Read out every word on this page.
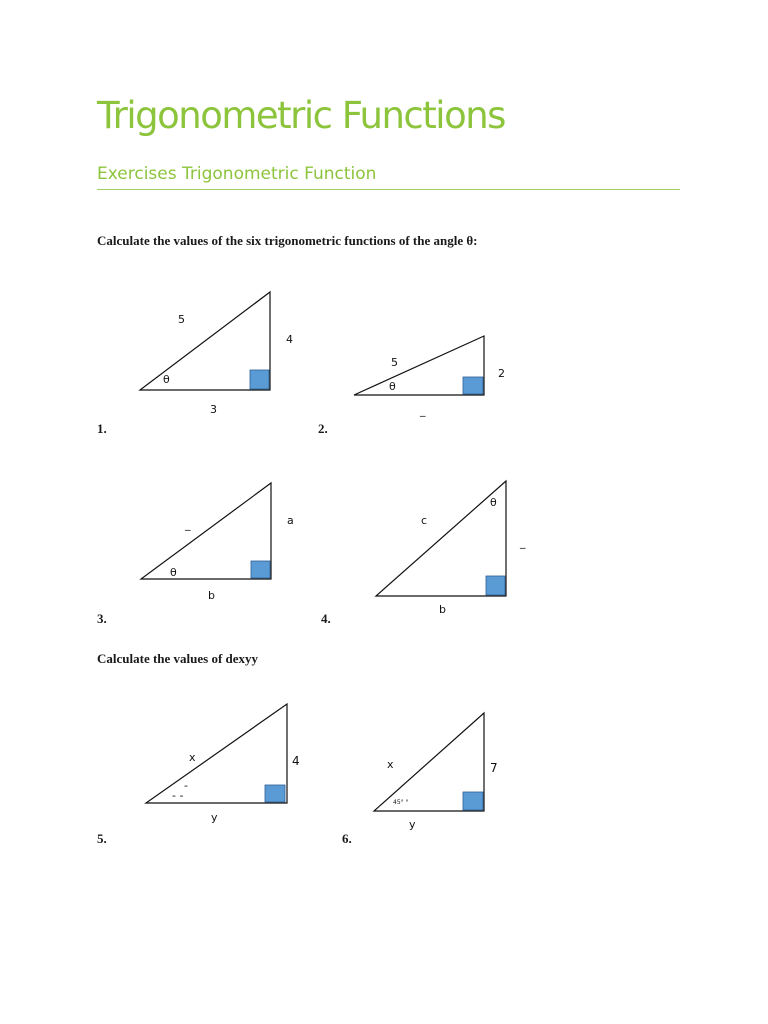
Trigonometric Functions
Exercises Trigonometric Function

Calculate the values of the six trigonometric functions of the angle θ:

Calculate the values of dexyy

1.	2.
3.	4.
5.	6.
5
4
3
θ
5
2
_
θ
_	a
b
θ
c
_
b
θ
x	4
y
-
- -
x	7
y
45° °
